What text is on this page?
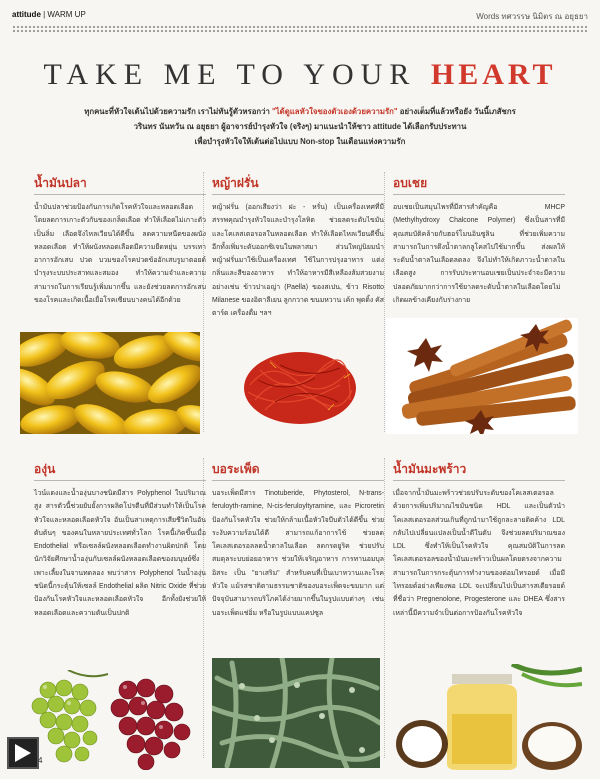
attitude | WARM UP	Words ทศวรรษ นิมิตร ณ อยุธยา
TAKE ME TO YOUR HEART
ทุกคนะที่หัวใจเต้นไปด้วยความรัก เราไม่ทันรู้ตัวหรอกว่า "ได้ดูแลหัวใจของตัวเองด้วยความรัก" อย่างเต็มที่แล้วหรือยัง วันนี้เภสัชกร
วรินทร นันทวัน ณ อยุธยา ผู้อาจารย์บำรุงหัวใจ (จริงๆ) มาแนะนำให้ชาว attitude ได้เลือกรับประทาน
เพื่อบำรุงหัวใจให้เต้นต่อไปแบบ Non-stop ในเดือนแห่งความรัก
น้ำมันปลา

น้ำมันปลาช่วยป้องกันการเกิดโรคหัวใจและหลอดเลือด โดยลดการเกาะตัวกันของเกล็ดเลือด ทำให้เลือดไม่เกาะตัวเป็นลิ่ม เลือดจึงไหลเวียนได้ดีขึ้น ลดความหนืดของผนังหลอดเลือด ทำให้ผนังหลอดเลือดมีความยืดหยุ่น บรรเทาอาการอักเสบ ปวด บวมของโรคปวดข้ออักเสบรูมาตอยด์ บำรุงระบบประสาทและสมอง ทำให้ความจำและความสามารถในการเรียนรู้เพิ่มมากขึ้น และยังช่วยลดการอักเสบของโรคและเกิดเนื้อเยื่อโรคเซียนบางคนได้อีกด้วย

หญ้าฝรั่น

หญ้าฝรั่น (ออกเสียงว่า ฝะ - หรั่น) เป็นเครื่องเทศที่มีสรรพคุณบำรุงหัวใจและบำรุงโลหิต ช่วยลดระดับไขมันและโคเลสเตอรอลในหลอดเลือด ทำให้เลือดไหลเวียนดีขึ้น อีกทั้งเพิ่มระดับออกซิเจนในพลาสมา ส่วนใหญ่นิยมนำหญ้าฝรั่นมาใช้เป็นเครื่องเทศ ใช้ในการปรุงอาหาร แต่งกลิ่นและสีของอาหาร ทำให้อาหารมีสีเหลืองส้มสวยงาม อย่างเช่น ข้าวปาเอญ่า (Paella) ของสเปน, ข้าว Risotto Milanese ของอิตาลีเยน ลูกกวาด ขนมหวาน เค้ก พุดดิ้ง คัสตาร์ด เครื่องดื่ม ฯลฯ

อบเชย

อบเชยเป็นสมุนไพรที่มีสารสำคัญคือ MHCP (Methylhydroxy Chalcone Polymer) ซึ่งเป็นสารที่มีคุณสมบัติคล้ายกับฮอร์โมนอินซูลิน ที่ช่วยเพิ่มความสามารถในการดึงน้ำตาลกลูโคสไปใช้มากขึ้น ส่งผลให้ระดับน้ำตาลในเลือดลดลง จึงไม่ทำให้เกิดภาวะน้ำตาลในเลือดสูง การรับประทานอบเชยเป็นประจำจะมีความปลอดภัยมากกว่าการใช้ยาลดระดับน้ำตาลในเลือดโดยไม่เกิดผลข้างเคียงกับร่างกาย

องุ่น

ไวน์แดงและน้ำองุ่นบางชนิดมีสาร Polyphenol ในปริมาณสูง สารตัวนี้ช่วยยับยั้งการผลิตโปรตีนที่มีส่วนทำให้เป็นโรคหัวใจและหลอดเลือดหัวใจ อันเป็นสาเหตุการเสียชีวิตในอันดับต้นๆ ของคนในหลายประเทศทั่วโลก โรคนี้เกิดขึ้นเมื่อ Endothelial หรือเซลล์ผนังหลอดเลือดทำงานผิดปกติ โดยนักวิจัยศึกษาน้ำองุ่นกับเซลล์ผนังหลอดเลือดของมนุษย์ซึ่งเพาะเลี้ยงในจานทดลอง พบว่าสาร Polyphenol ในน้ำองุ่นชนิดนี้กระตุ้นให้เซลล์ Endothelial ผลิต Nitric Oxide ที่ช่วยป้องกันโรคหัวใจและหลอดเลือดหัวใจ อีกทั้งยังช่วยให้หลอดเลือดและความดันเป็นปกติ

บอระเพ็ด

บอระเพ็ดมีสาร Tinotuberide, Phytosterol, N-trans-feruloyth-ramine, N-cis-feruloyltyramine, และ Picroretin ป้องกันโรคหัวใจ ช่วยให้กล้ามเนื้อหัวใจบีบตัวได้ดีขึ้น ช่วยระงับความร้อนได้ดี สามารถแก้อาการไข้ ช่วยลดโคเลสเตอรอลลดน้ำตาลในเลือด ลดกรดยูริค ช่วยปรับสมดุลระบบย่อยอาหาร ช่วยให้เจริญอาหาร การทานอมบุลอิสระ เป็น "ยาเสริม" สำหรับคนที่เป็นเบาหวานและโรคหัวใจ แม้รสชาติตามธรรมชาติของบอระเพ็ดจะขมมาก แต่ปัจจุบันสามารถบริโภคได้ง่ายมากขึ้นในรูปแบบต่างๆ เช่น บอระเพ็ดแช่อิ่ม หรือในรูปแบบแคปซูล

น้ำมันมะพร้าว

เมื่อจากน้ำมันมะพร้าวช่วยปรับระดับของโคเลสเตอรอลด้วยการเพิ่มปริมาณไขมันชนิด HDL และเป็นตัวนำโคเลสเตอรอลส่วนเกินที่ถูกนำมาใช้ถูกละลายติดค้าง LDL กลับไปเปลี่ยนแปลงเป็นน้ำดีในตับ จึงช่วยลดปริมาณของ LDL ซึ่งทำให้เป็นโรคหัวใจ คุณสมบัติในการลดโคเลสเตอรอลของน้ำมันมะพร้าวเป็นผลโดยตรงจากความสามารถในการกระตุ้นการทำงานของต่อมไทรอยด์ เมื่อมีไทรอยด์อย่างเพียงพอ LDL จะเปลี่ยนไปเป็นสารสเตียรอยด์ที่ชื่อว่า Pregnenolone, Progesterone และ DHEA ซึ่งสารเหล่านี้มีความจำเป็นต่อการป้องกันโรคหัวใจ

4
